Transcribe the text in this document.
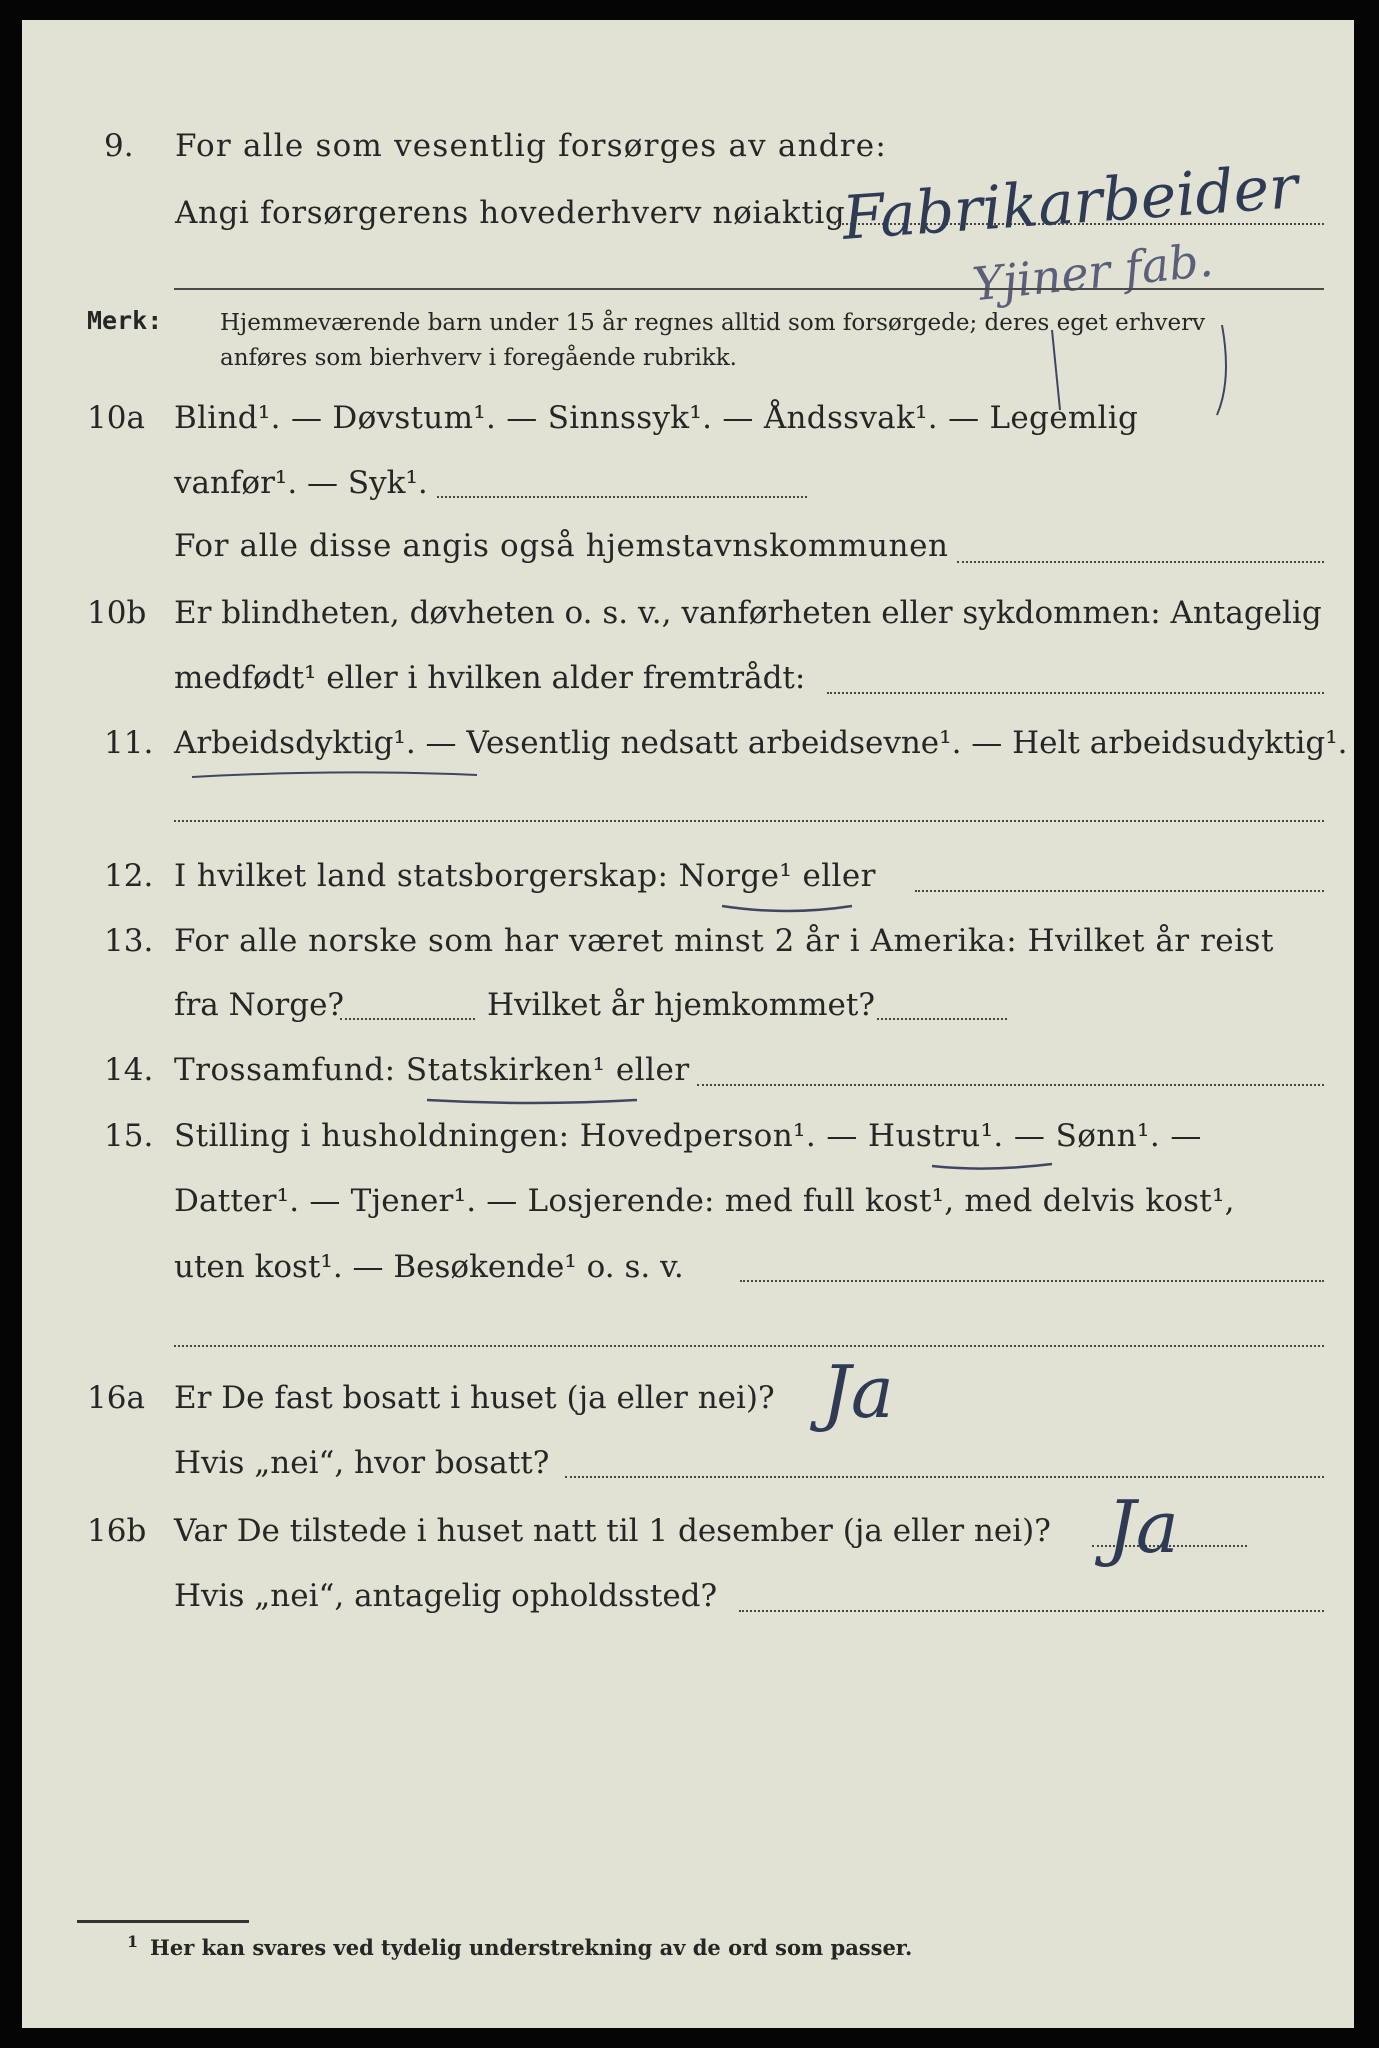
9. For alle som vesentlig forsørges av andre:
Angi forsørgerens hovederhverv nøiaktig
Fabrikarbeider
Yjiner fab.
Merk:	Hjemmeværende barn under 15 år regnes alltid som forsørgede; deres eget erhverv
anføres som bierhverv i foregående rubrikk.
10a Blind¹. — Døvstum¹. — Sinnssyk¹. — Åndssvak¹. — Legemlig
vanfør¹. — Syk¹.
For alle disse angis også hjemstavnskommunen
10b Er blindheten, døvheten o. s. v., vanførheten eller sykdommen: Antagelig
medfødt¹ eller i hvilken alder fremtrådt:
11. Arbeidsdyktig¹. — Vesentlig nedsatt arbeidsevne¹. — Helt arbeidsudyktig¹.
12. I hvilket land statsborgerskap: Norge¹ eller
13. For alle norske som har været minst 2 år i Amerika: Hvilket år reist
fra Norge?	Hvilket år hjemkommet?
14. Trossamfund: Statskirken¹ eller
15. Stilling i husholdningen: Hovedperson¹. — Hustru¹. — Sønn¹. —
Datter¹. — Tjener¹. — Losjerende: med full kost¹, med delvis kost¹,
uten kost¹. — Besøkende¹ o. s. v.
16a Er De fast bosatt i huset (ja eller nei)? Ja
Hvis „nei“, hvor bosatt?
16b Var De tilstede i huset natt til 1 desember (ja eller nei)? Ja
Hvis „nei“, antagelig opholdssted?
1 Her kan svares ved tydelig understrekning av de ord som passer.
